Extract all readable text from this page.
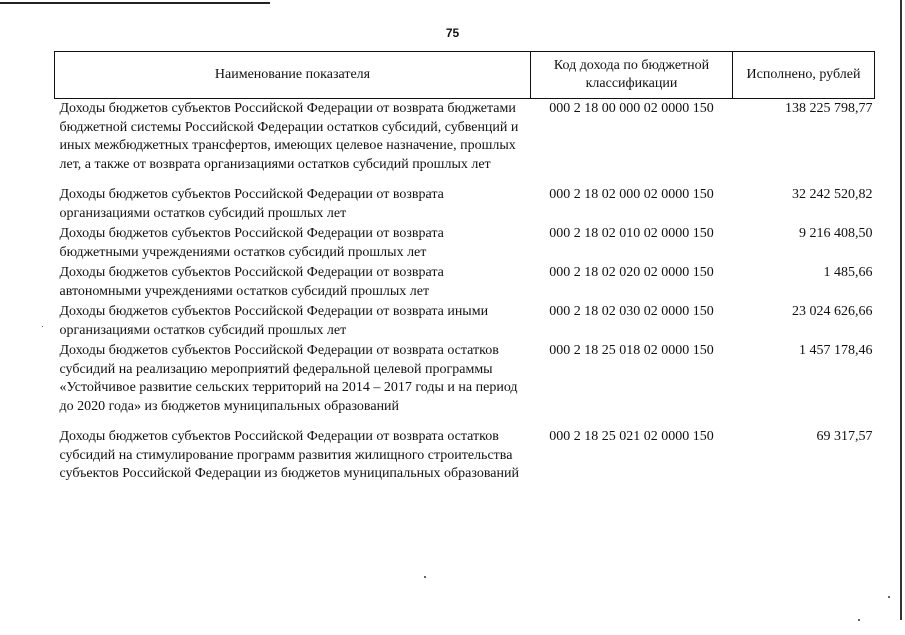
75
Наименование показателя	Код дохода по бюджетной классификации	Исполнено, рублей
Доходы бюджетов субъектов Российской Федерации от возврата бюджетами бюджетной системы Российской Федерации остатков субсидий, субвенций и иных межбюджетных трансфертов, имеющих целевое назначение, прошлых лет, а также от возврата организациями остатков субсидий прошлых лет	000 2 18 00 000 02 0000 150	138 225 798,77
Доходы бюджетов субъектов Российской Федерации от возврата организациями остатков субсидий прошлых лет	000 2 18 02 000 02 0000 150	32 242 520,82
Доходы бюджетов субъектов Российской Федерации от возврата бюджетными учреждениями остатков субсидий прошлых лет	000 2 18 02 010 02 0000 150	9 216 408,50
Доходы бюджетов субъектов Российской Федерации от возврата автономными учреждениями остатков субсидий прошлых лет	000 2 18 02 020 02 0000 150	1 485,66
Доходы бюджетов субъектов Российской Федерации от возврата иными организациями остатков субсидий прошлых лет	000 2 18 02 030 02 0000 150	23 024 626,66
Доходы бюджетов субъектов Российской Федерации от возврата остатков субсидий на реализацию мероприятий федеральной целевой программы «Устойчивое развитие сельских территорий на 2014 – 2017 годы и на период до 2020 года» из бюджетов муниципальных образований	000 2 18 25 018 02 0000 150	1 457 178,46
Доходы бюджетов субъектов Российской Федерации от возврата остатков субсидий на стимулирование программ развития жилищного строительства субъектов Российской Федерации из бюджетов муниципальных образований	000 2 18 25 021 02 0000 150	69 317,57
